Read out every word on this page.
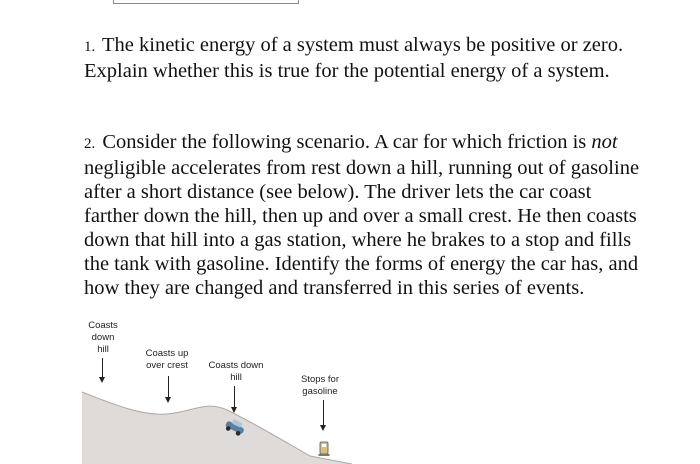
1. The kinetic energy of a system must always be positive or zero. Explain whether this is true for the potential energy of a system.

2. Consider the following scenario. A car for which friction is not negligible accelerates from rest down a hill, running out of gasoline after a short distance (see below). The driver lets the car coast farther down the hill, then up and over a small crest. He then coasts down that hill into a gas station, where he brakes to a stop and fills the tank with gasoline. Identify the forms of energy the car has, and how they are changed and transferred in this series of events.

Coasts
down
hill	Coasts up
over crest	Coasts down
hill	Stops for
gasoline
